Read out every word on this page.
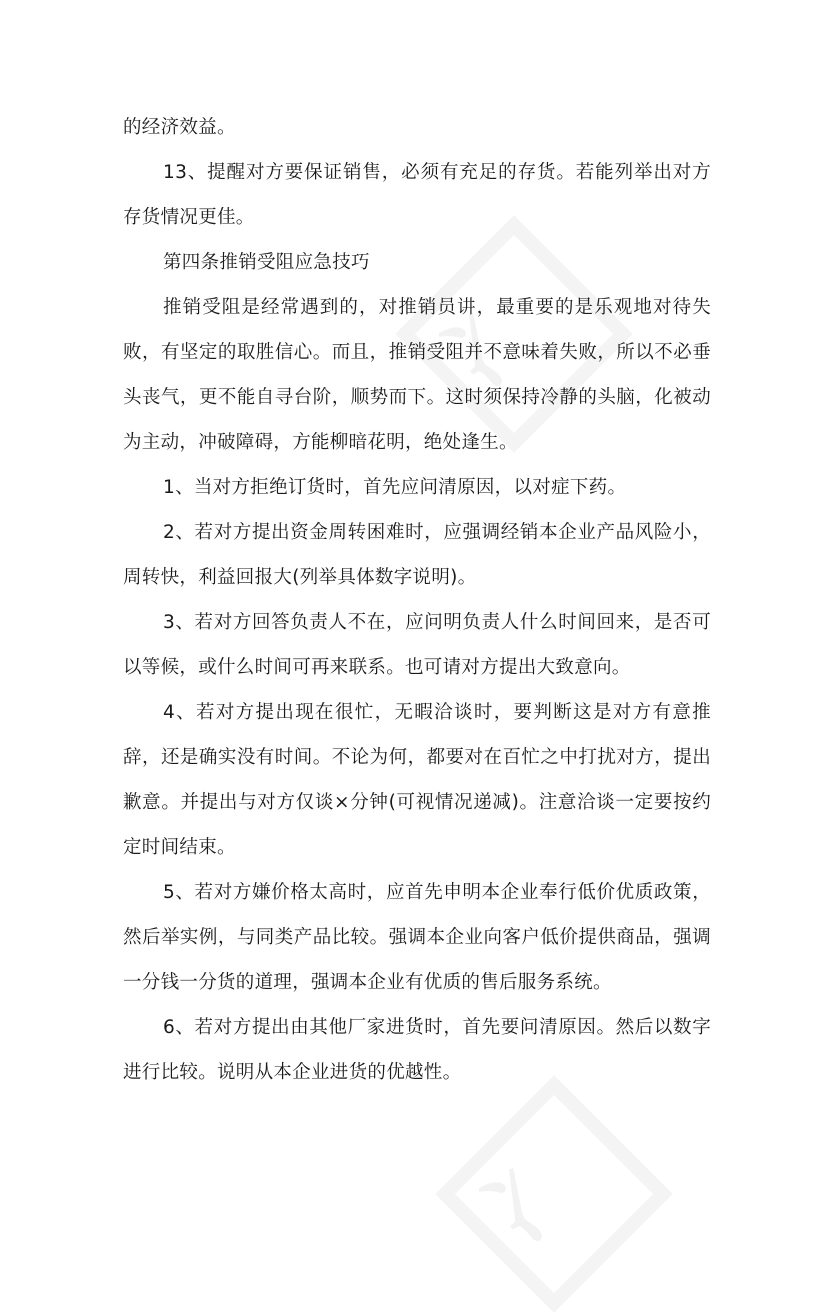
冫
冫

的经济效益。

13、提醒对方要保证销售，必须有充足的存货。若能列举出对方存货情况更佳。

第四条推销受阻应急技巧

推销受阻是经常遇到的，对推销员讲，最重要的是乐观地对待失败，有坚定的取胜信心。而且，推销受阻并不意味着失败，所以不必垂头丧气，更不能自寻台阶，顺势而下。这时须保持冷静的头脑，化被动为主动，冲破障碍，方能柳暗花明，绝处逢生。

1、当对方拒绝订货时，首先应问清原因，以对症下药。

2、若对方提出资金周转困难时，应强调经销本企业产品风险小，周转快，利益回报大(列举具体数字说明)。

3、若对方回答负责人不在，应问明负责人什么时间回来，是否可以等候，或什么时间可再来联系。也可请对方提出大致意向。

4、若对方提出现在很忙，无暇洽谈时，要判断这是对方有意推辞，还是确实没有时间。不论为何，都要对在百忙之中打扰对方，提出歉意。并提出与对方仅谈×分钟(可视情况递减)。注意洽谈一定要按约定时间结束。

5、若对方嫌价格太高时，应首先申明本企业奉行低价优质政策，然后举实例，与同类产品比较。强调本企业向客户低价提供商品，强调一分钱一分货的道理，强调本企业有优质的售后服务系统。

6、若对方提出由其他厂家进货时，首先要问清原因。然后以数字进行比较。说明从本企业进货的优越性。
